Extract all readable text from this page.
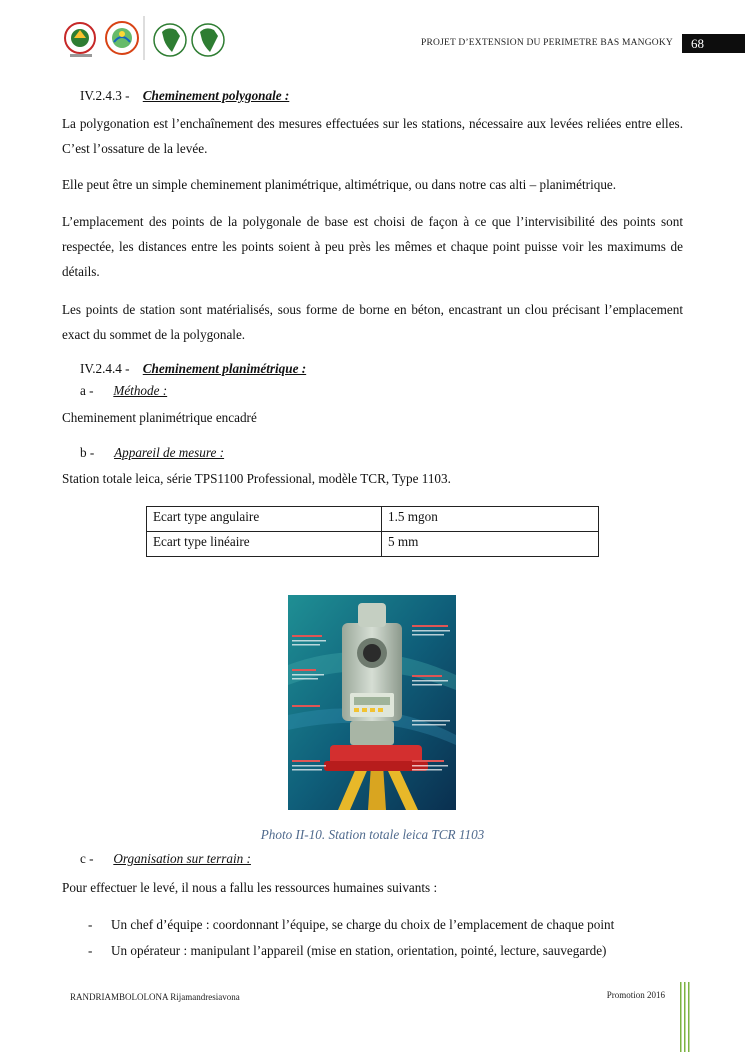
PROJET D’EXTENSION DU PERIMETRE BAS MANGOKY	68
IV.2.4.3 - Cheminement polygonale :
La polygonation est l’enchaînement des mesures effectuées sur les stations, nécessaire aux levées reliées entre elles. C’est l’ossature de la levée.
Elle peut être un simple cheminement planimétrique, altimétrique, ou dans notre cas alti – planimétrique.
L’emplacement des points de la polygonale de base est choisi de façon à ce que l’intervisibilité des points sont respectée, les distances entre les points soient à peu près les mêmes et chaque point puisse voir les maximums de détails.
Les points de station sont matérialisés, sous forme de borne en béton, encastrant un clou précisant l’emplacement exact du sommet de la polygonale.
IV.2.4.4 - Cheminement planimétrique :
a - Méthode :
Cheminement planimétrique encadré
b - Appareil de mesure :
Station totale leica, série TPS1100 Professional, modèle TCR, Type 1103.
Ecart type angulaire	1.5 mgon
Ecart type linéaire	5 mm
Photo II-10. Station totale leica TCR 1103
c - Organisation sur terrain :
Pour effectuer le levé, il nous a fallu les ressources humaines suivants :
- Un chef d’équipe : coordonnant l’équipe, se charge du choix de l’emplacement de chaque point
- Un opérateur : manipulant l’appareil (mise en station, orientation, pointé, lecture, sauvegarde)
RANDRIAMBOLOLONA Rijamandresiavona	Promotion 2016
